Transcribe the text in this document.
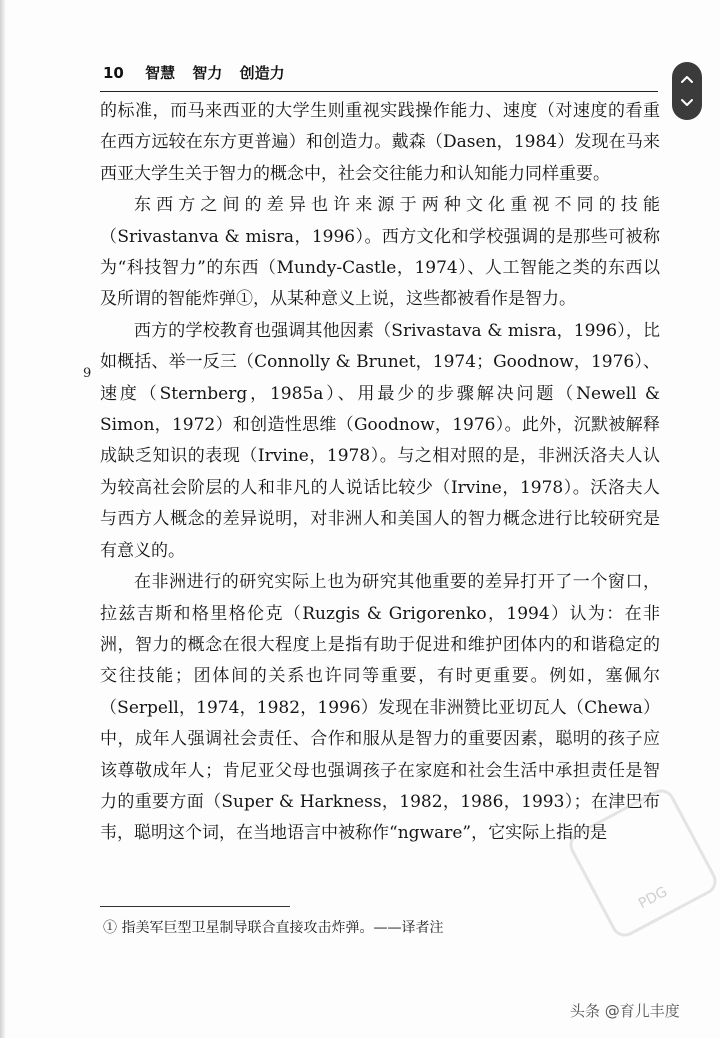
10 智慧 智力 创造力
9

的标准，而马来西亚的大学生则重视实践操作能力、速度（对速度的看重在西方远较在东方更普遍）和创造力。戴森（Dasen，1984）发现在马来西亚大学生关于智力的概念中，社会交往能力和认知能力同样重要。

东西方之间的差异也许来源于两种文化重视不同的技能（Srivastanva & misra，1996）。西方文化和学校强调的是那些可被称为“科技智力”的东西（Mundy-Castle，1974）、人工智能之类的东西以及所谓的智能炸弹①，从某种意义上说，这些都被看作是智力。

西方的学校教育也强调其他因素（Srivastava & misra，1996），比如概括、举一反三（Connolly & Brunet，1974；Goodnow，1976）、速度（Sternberg，1985a）、用最少的步骤解决问题（Newell & Simon，1972）和创造性思维（Goodnow，1976）。此外，沉默被解释成缺乏知识的表现（Irvine，1978）。与之相对照的是，非洲沃洛夫人认为较高社会阶层的人和非凡的人说话比较少（Irvine，1978）。沃洛夫人与西方人概念的差异说明，对非洲人和美国人的智力概念进行比较研究是有意义的。

在非洲进行的研究实际上也为研究其他重要的差异打开了一个窗口，拉兹吉斯和格里格伦克（Ruzgis & Grigorenko，1994）认为：在非洲，智力的概念在很大程度上是指有助于促进和维护团体内的和谐稳定的交往技能；团体间的关系也许同等重要，有时更重要。例如，塞佩尔（Serpell，1974，1982，1996）发现在非洲赞比亚切瓦人（Chewa）中，成年人强调社会责任、合作和服从是智力的重要因素，聪明的孩子应该尊敬成年人；肯尼亚父母也强调孩子在家庭和社会生活中承担责任是智力的重要方面（Super & Harkness，1982，1986，1993）；在津巴布韦，聪明这个词，在当地语言中被称作“ngware”，它实际上指的是

① 指美军巨型卫星制导联合直接攻击炸弹。——译者注
PDG
头条 @育儿丰度
